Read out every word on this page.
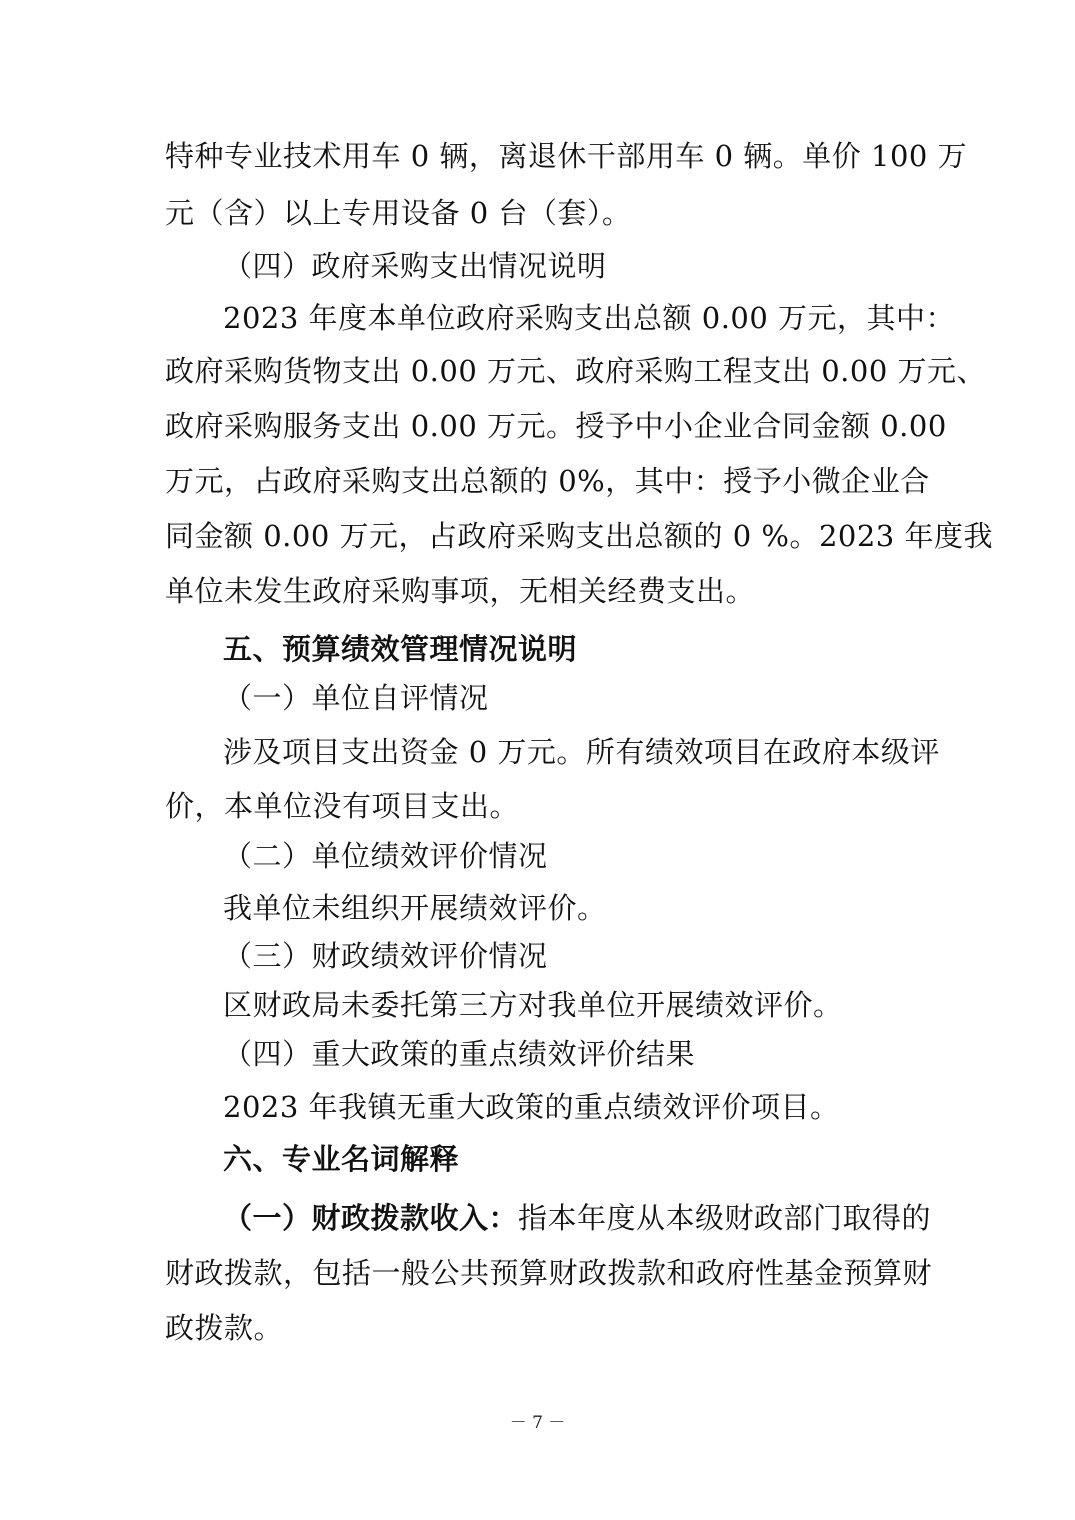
特种专业技术用车 0 辆，离退休干部用车 0 辆。单价 100 万
元（含）以上专用设备 0 台（套）。
（四）政府采购支出情况说明
2023 年度本单位政府采购支出总额 0.00 万元，其中：
政府采购货物支出 0.00 万元、政府采购工程支出 0.00 万元、
政府采购服务支出 0.00 万元。授予中小企业合同金额 0.00
万元，占政府采购支出总额的 0%，其中：授予小微企业合
同金额 0.00 万元，占政府采购支出总额的 0 %。2023 年度我
单位未发生政府采购事项，无相关经费支出。
五、预算绩效管理情况说明
（一）单位自评情况
涉及项目支出资金 0 万元。所有绩效项目在政府本级评
价，本单位没有项目支出。
（二）单位绩效评价情况
我单位未组织开展绩效评价。
（三）财政绩效评价情况
区财政局未委托第三方对我单位开展绩效评价。
（四）重大政策的重点绩效评价结果
2023 年我镇无重大政策的重点绩效评价项目。
六、专业名词解释
（一）财政拨款收入：指本年度从本级财政部门取得的
财政拨款，包括一般公共预算财政拨款和政府性基金预算财
政拨款。
－ 7 －
